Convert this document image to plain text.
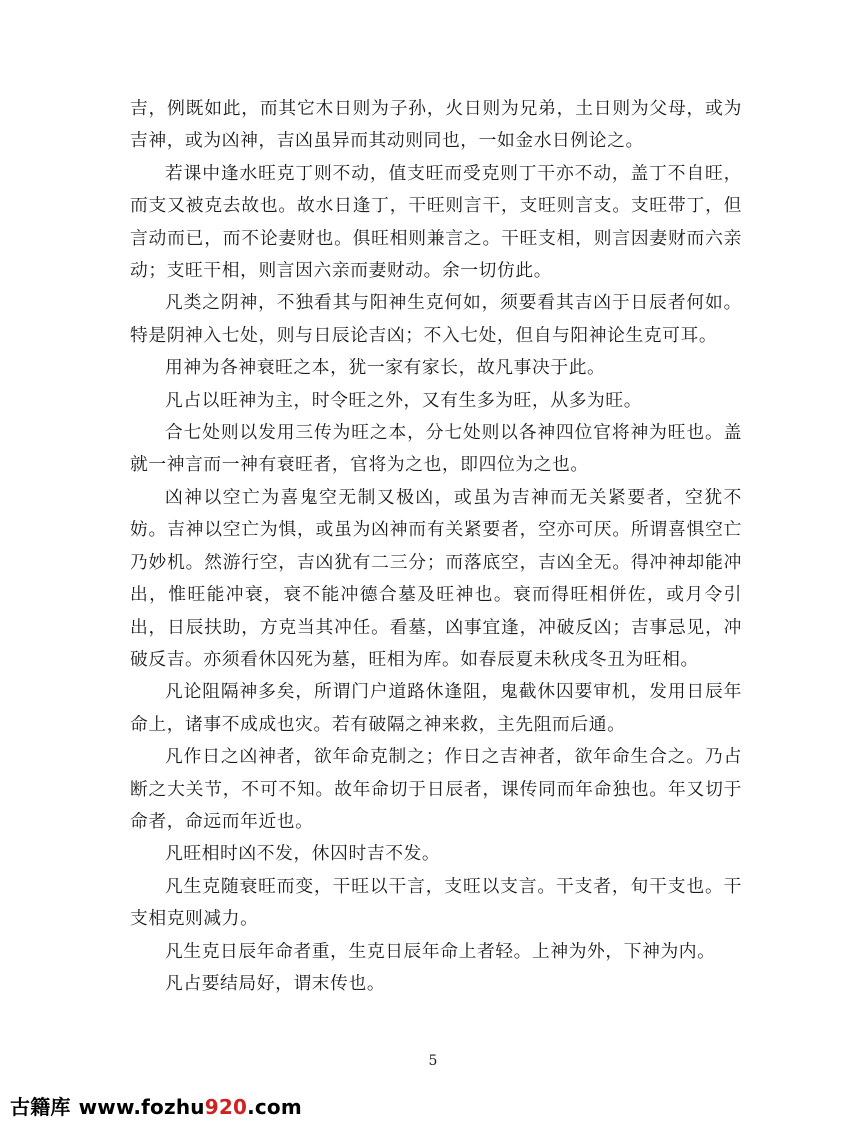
吉，例既如此，而其它木日则为子孙，火日则为兄弟，土日则为父母，或为吉神，或为凶神，吉凶虽异而其动则同也，一如金水日例论之。

若课中逢水旺克丁则不动，值支旺而受克则丁干亦不动，盖丁不自旺，而支又被克去故也。故水日逢丁，干旺则言干，支旺则言支。支旺带丁，但言动而已，而不论妻财也。俱旺相则兼言之。干旺支相，则言因妻财而六亲动；支旺干相，则言因六亲而妻财动。余一切仿此。

凡类之阴神，不独看其与阳神生克何如，须要看其吉凶于日辰者何如。特是阴神入七处，则与日辰论吉凶；不入七处，但自与阳神论生克可耳。

用神为各神衰旺之本，犹一家有家长，故凡事决于此。

凡占以旺神为主，时令旺之外，又有生多为旺，从多为旺。

合七处则以发用三传为旺之本，分七处则以各神四位官将神为旺也。盖就一神言而一神有衰旺者，官将为之也，即四位为之也。

凶神以空亡为喜鬼空无制又极凶，或虽为吉神而无关紧要者，空犹不妨。吉神以空亡为惧，或虽为凶神而有关紧要者，空亦可厌。所谓喜惧空亡乃妙机。然游行空，吉凶犹有二三分；而落底空，吉凶全无。得冲神却能冲出，惟旺能冲衰，衰不能冲德合墓及旺神也。衰而得旺相併佐，或月令引出，日辰扶助，方克当其冲任。看墓，凶事宜逢，冲破反凶；吉事忌见，冲破反吉。亦须看休囚死为墓，旺相为库。如春辰夏未秋戌冬丑为旺相。

凡论阻隔神多矣，所谓门户道路休逢阻，鬼截休囚要审机，发用日辰年命上，诸事不成成也灾。若有破隔之神来救，主先阻而后通。

凡作日之凶神者，欲年命克制之；作日之吉神者，欲年命生合之。乃占断之大关节，不可不知。故年命切于日辰者，课传同而年命独也。年又切于命者，命远而年近也。

凡旺相时凶不发，休囚时吉不发。

凡生克随衰旺而变，干旺以干言，支旺以支言。干支者，旬干支也。干支相克则减力。

凡生克日辰年命者重，生克日辰年命上者轻。上神为外，下神为内。

凡占要结局好，谓末传也。

5
古籍库 www.fozhu920.com
